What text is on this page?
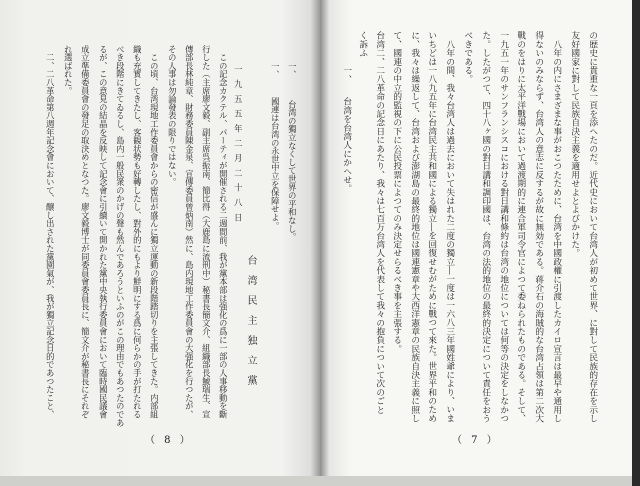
一、
台湾の獨立なくして世界の平和なし。
一、
國連は台湾の永世中立を保障せよ。
台湾民主独立黨
一九五五年二月二十八日
　この記念カクテル、パーティが開催される二週間前、我が黨本部は强化の爲に一部の人事移動を斷
行した（主席廖文毅、副主席呉振南、簡比得（大鹿島に流刑中）秘書長簡文介、組織部長鯱瑞生、宣
傳部長林純章、財務委員陳金泉、宣傳委員曾炳南）然に、島内現地工作委員會の大强化を行つたが、
その人事は勿論發表の限りではない。
　この頃、台湾現地工作委員會からの密信が盛んに獨立運動の新段階踏切りを主張してきた。内部組
織も充實してきたし、客観状勢も好轉したし、對外的にもより鮮明にする爲に何らかの手が打たれる
べき段階にきてゐるし、島内一般民衆のかげの聲も然んであろうといふのがこの理由でもあつたのであ
るが、この意見の結晶を反映して記念會に引續いて開かれた黨中央執行委員會において臨時國民議會
成立準備委員會の發足の取決めとなつた。廖文毅博士が同委員會委員長に、簡文介が秘書長にそれぞ
れ選ばれた。
　二、二八革命第八週年記念會において、醸し出された黨園氣が、我が獨立記念日的であつたこと、
（ 8 ）
の歴史に貴重な一頁を添へたのだ。近代史において台湾人が初めて世界、に對して民族的存在を示し
友好國家に對して民族自決主義を適用せよとよびかけた。
　八年の内にさまざまな事がおこつたために、台湾を中國政權に引渡したカイロ宣言は最早や通用し
得ないのみならず、台湾人の意志に反するが故に無効である。蒋介石の海賊的な台湾占領は第二次大
戰のをはりに太平洋戰場において過渡期的に連合軍司令官によつて委ねられたものである。そして、
一九五一年のサンフランシスコにおける對日講和條約は台湾の地位については何等の決定をしなかつ
た。したがつて、四十八ヶ國の對日講和調印國は、台湾の法的地位の最終的決定について責任をおう
べきである。
　八年の間、我々台湾人は過去において失はれた二度の獨立―一度は一六八三年國姓爺により、いま
いちどは一八九五年に台湾民主共和國による獨立―を回復せむがために戰つて來た。世界平和のため
に、我々は繰返して、台湾および澎湖島の最終的地位は國連憲章や大西洋憲章の民族自決主義に照し
て、國連の中立的監視の下に公民投票によつてのみ決定せらるべき事を主張する。
台湾二、二八革命の記念日にあたり、我々は七百万台湾人を代表して我々の抱負について次のごと
く訴ふ
一、
台湾を台湾人にかへせ。
（ 7 ）
